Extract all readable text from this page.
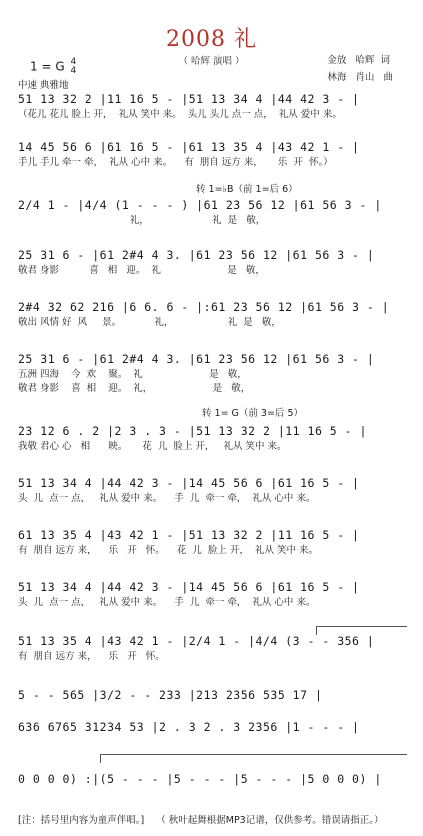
2008 礼
（ 哈辉 演唱 ）
1 = G 4
4
中速 典雅地
金放   哈辉  词
林海   肖山   曲
转 1=♭B（前 1=后 6）
转 1= G（前 3=后 5）
51 13 32 2 |11 16 5 - |51 13 34 4 |44 42 3 - |
（花儿 花儿 脸上 开，  礼从 笑中 来。  头儿 头儿 点一 点，  礼从 爱中 来。
14 45 56 6 |61 16 5 - |61 13 35 4 |43 42 1 - |
手儿 手儿 牵一 牵，  礼从 心中 来。    有  朋自 远方 来，     乐  开  怀。）
2/4 1 - |4/4 (1 - - - ) |61 23 56 12 |61 56 3 - |
礼，                     礼  是   敬，
25 31 6 - |61 2#4 4 3. |61 23 56 12 |61 56 3 - |
敬君 身影          喜   相   迎。  礼                      是   敬，
2#4 32 62 216 |6 6. 6 - |:61 23 56 12 |61 56 3 - |
敬出 风情 好  风     景。           礼，                  礼  是   敬，
25 31 6 - |61 2#4 4 3. |61 23 56 12 |61 56 3 - |
五洲 四海    今  欢    聚。  礼                      是   敬，
敬君 身影    喜  相    迎。  礼，                    是   敬，
23 12 6 . 2 |2 3 . 3 - |51 13 32 2 |11 16 5 - |
我敬 君心 心   相      映。     花  儿  脸上 开，   礼从 笑中 来。
51 13 34 4 |44 42 3 - |14 45 56 6 |61 16 5 - |
头  儿  点一 点，   礼从 爱中 来。    手  儿  牵一 牵，  礼从 心中 来。
61 13 35 4 |43 42 1 - |51 13 32 2 |11 16 5 - |
有  朋自 远方 来，    乐   开   怀。    花  儿  脸上 开，  礼从 笑中 来。
51 13 34 4 |44 42 3 - |14 45 56 6 |61 16 5 - |
头  儿  点一 点，   礼从 爱中 来。    手  儿  牵一 牵，  礼从 心中 来。
51 13 35 4 |43 42 1 - |2/4 1 - |4/4 (3 - - 356 |
有  朋自 远方 来，    乐   开   怀。
5 - - 565 |3/2 - - 233 |213 2356 535 17 |
636 6765 31234 53 |2 . 3 2 . 3 2356 |1 - - - |
0 0 0 0) :|(5 - - - |5 - - - |5 - - - |5 0 0 0) |
[注：括号里内容为童声伴唱。]    （ 秋叶起舞根据MP3记谱，仅供参考。错误请指正。）
